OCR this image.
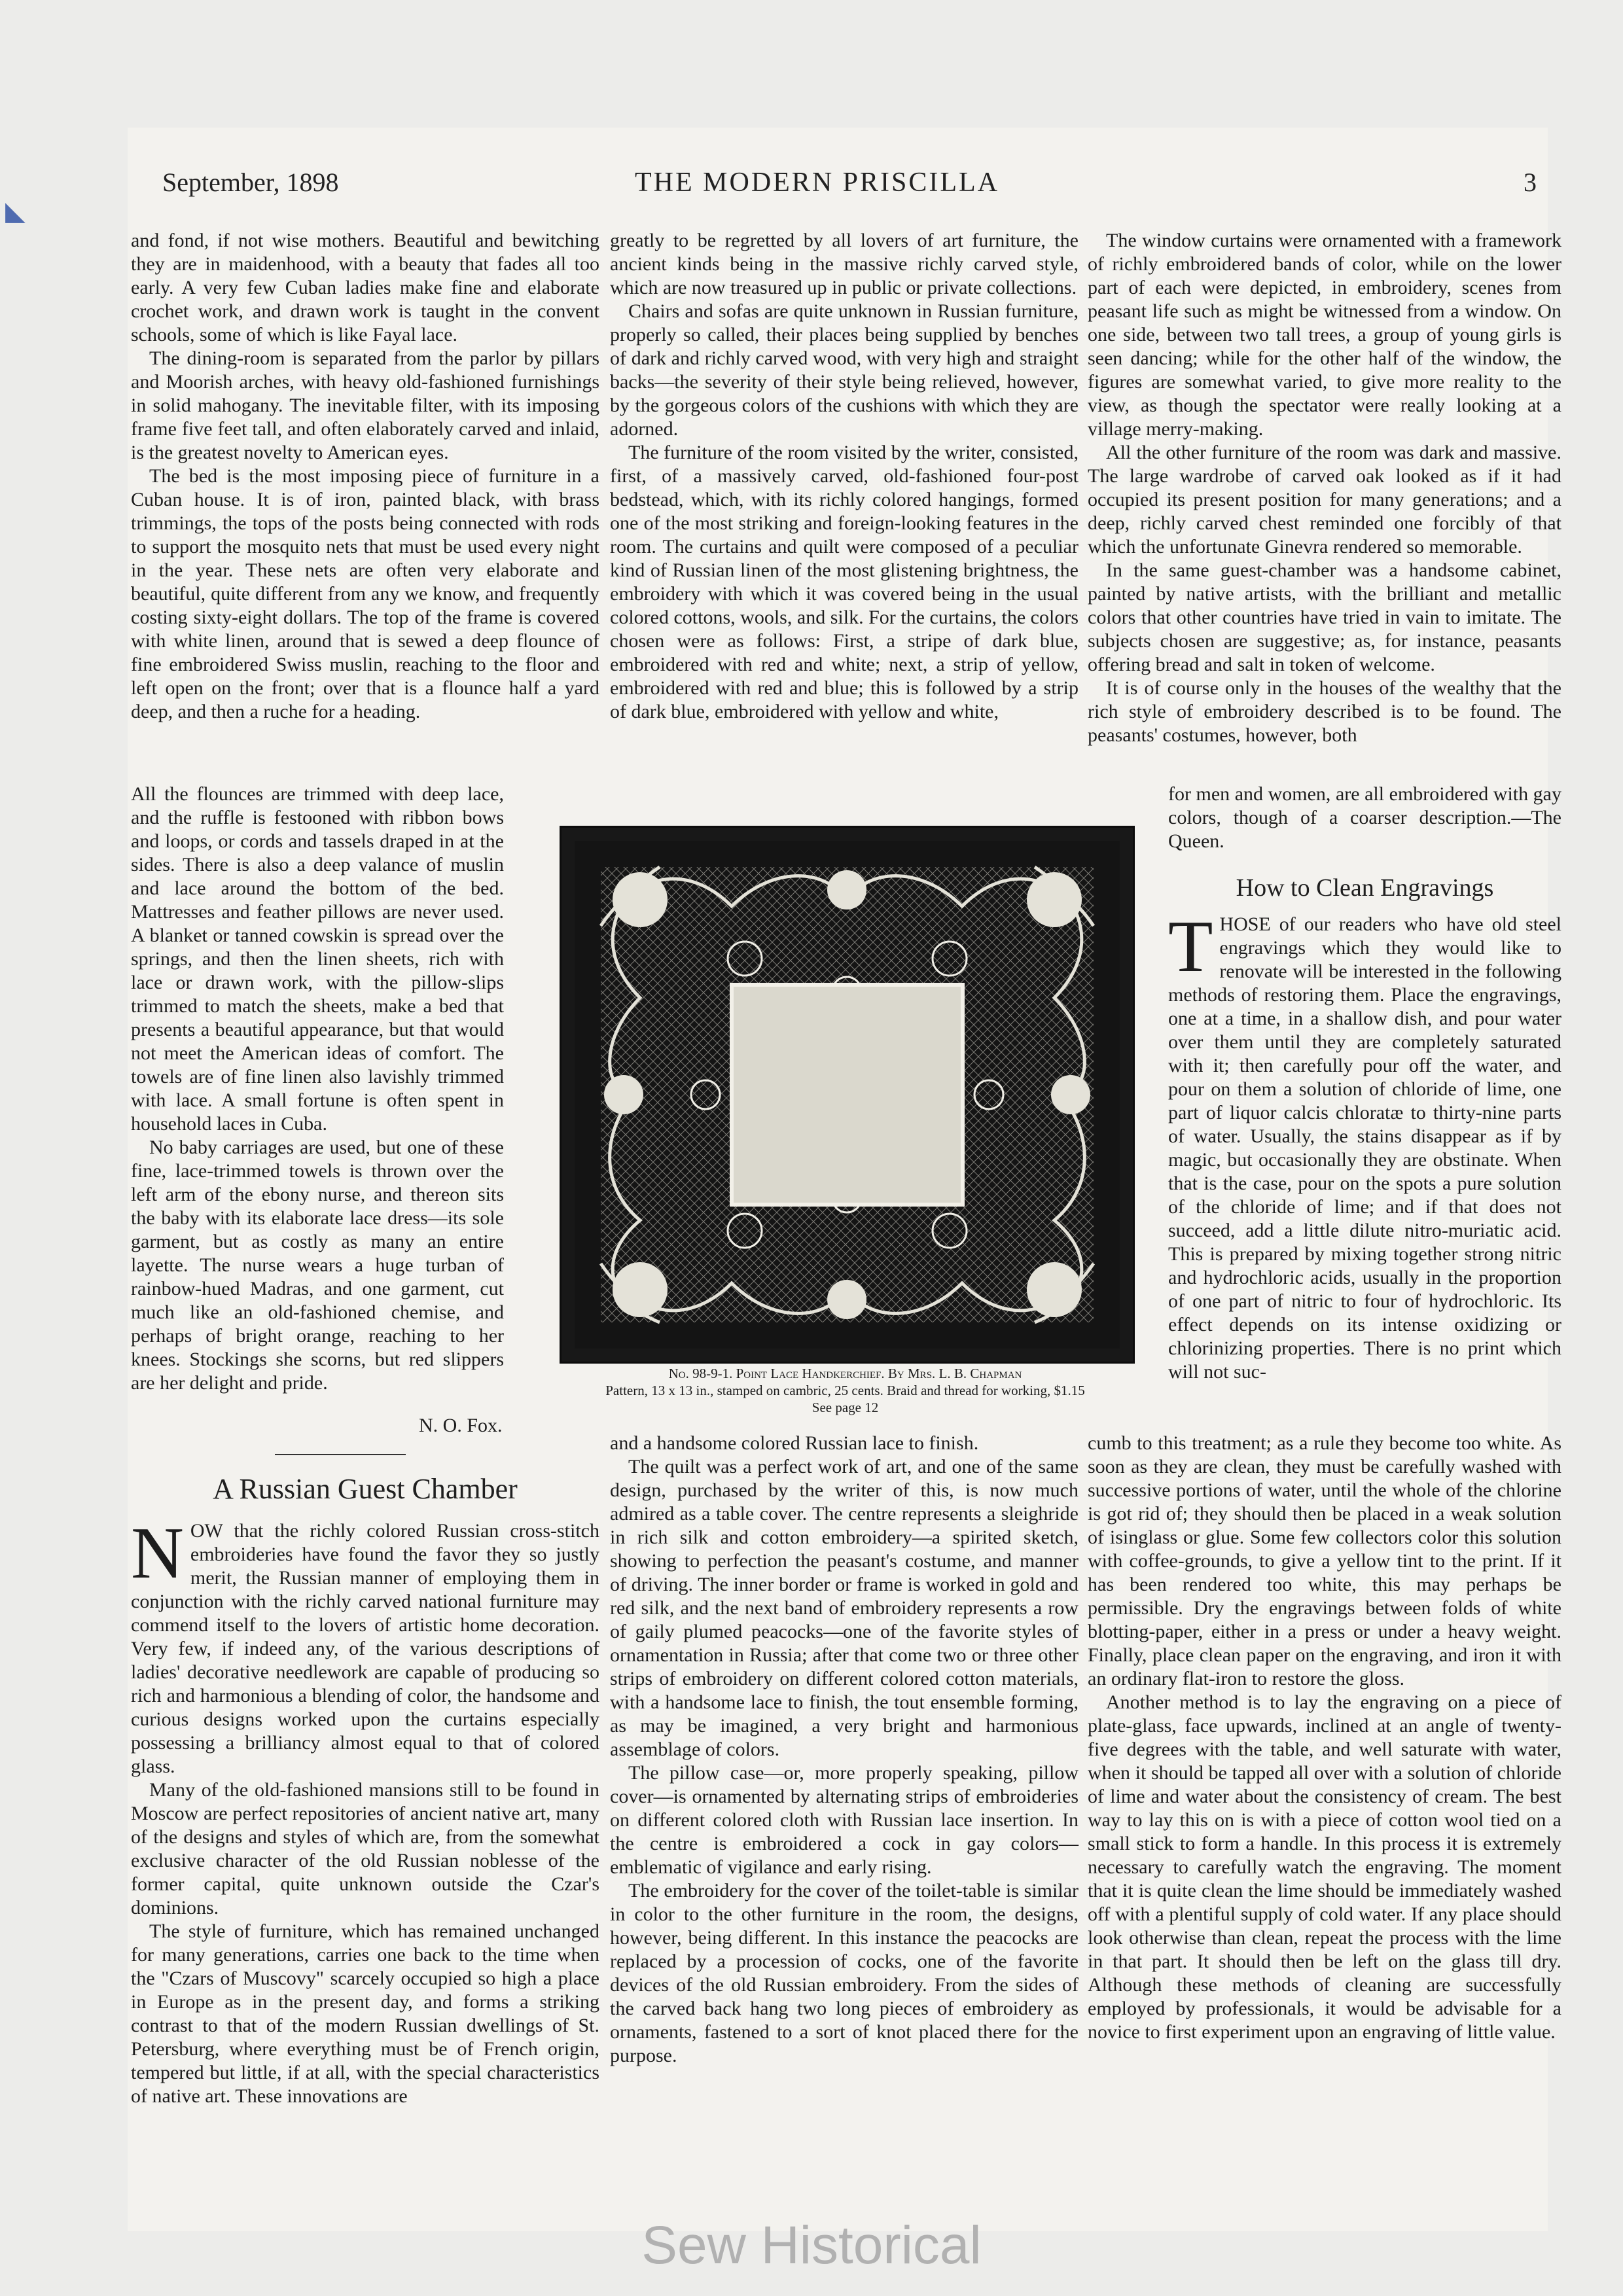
September, 1898	THE MODERN PRISCILLA	3

and fond, if not wise mothers. Beautiful and bewitching they are in maidenhood, with a beauty that fades all too early. A very few Cuban ladies make fine and elaborate crochet work, and drawn work is taught in the convent schools, some of which is like Fayal lace.

The dining-room is separated from the parlor by pillars and Moorish arches, with heavy old-fashioned furnishings in solid mahogany. The inevitable filter, with its imposing frame five feet tall, and often elaborately carved and inlaid, is the greatest novelty to American eyes.

The bed is the most imposing piece of furniture in a Cuban house. It is of iron, painted black, with brass trimmings, the tops of the posts being connected with rods to support the mosquito nets that must be used every night in the year. These nets are often very elaborate and beautiful, quite different from any we know, and frequently costing sixty-eight dollars. The top of the frame is covered with white linen, around that is sewed a deep flounce of fine embroidered Swiss muslin, reaching to the floor and left open on the front; over that is a flounce half a yard deep, and then a ruche for a heading.

All the flounces are trimmed with deep lace, and the ruffle is festooned with ribbon bows and loops, or cords and tassels draped in at the sides. There is also a deep valance of muslin and lace around the bottom of the bed. Mattresses and feather pillows are never used. A blanket or tanned cowskin is spread over the springs, and then the linen sheets, rich with lace or drawn work, with the pillow-slips trimmed to match the sheets, make a bed that presents a beautiful appearance, but that would not meet the American ideas of comfort. The towels are of fine linen also lavishly trimmed with lace. A small fortune is often spent in household laces in Cuba.

No baby carriages are used, but one of these fine, lace-trimmed towels is thrown over the left arm of the ebony nurse, and thereon sits the baby with its elaborate lace dress—its sole garment, but as costly as many an entire layette. The nurse wears a huge turban of rainbow-hued Madras, and one garment, cut much like an old-fashioned chemise, and perhaps of bright orange, reaching to her knees. Stockings she scorns, but red slippers are her delight and pride.

N. O. Fox.
A Russian Guest Chamber

NOW that the richly colored Russian cross-stitch embroideries have found the favor they so justly merit, the Russian manner of employing them in conjunction with the richly carved national furniture may commend itself to the lovers of artistic home decoration. Very few, if indeed any, of the various descriptions of ladies' decorative needlework are capable of producing so rich and harmonious a blending of color, the handsome and curious designs worked upon the curtains especially possessing a brilliancy almost equal to that of colored glass.

Many of the old-fashioned mansions still to be found in Moscow are perfect repositories of ancient native art, many of the designs and styles of which are, from the somewhat exclusive character of the old Russian noblesse of the former capital, quite unknown outside the Czar's dominions.

The style of furniture, which has remained unchanged for many generations, carries one back to the time when the "Czars of Muscovy" scarcely occupied so high a place in Europe as in the present day, and forms a striking contrast to that of the modern Russian dwellings of St. Petersburg, where everything must be of French origin, tempered but little, if at all, with the special characteristics of native art. These innovations are

greatly to be regretted by all lovers of art furniture, the ancient kinds being in the massive richly carved style, which are now treasured up in public or private collections.

Chairs and sofas are quite unknown in Russian furniture, properly so called, their places being supplied by benches of dark and richly carved wood, with very high and straight backs—the severity of their style being relieved, however, by the gorgeous colors of the cushions with which they are adorned.

The furniture of the room visited by the writer, consisted, first, of a massively carved, old-fashioned four-post bedstead, which, with its richly colored hangings, formed one of the most striking and foreign-looking features in the room. The curtains and quilt were composed of a peculiar kind of Russian linen of the most glistening brightness, the embroidery with which it was covered being in the usual colored cottons, wools, and silk. For the curtains, the colors chosen were as follows: First, a stripe of dark blue, embroidered with red and white; next, a strip of yellow, embroidered with red and blue; this is followed by a strip of dark blue, embroidered with yellow and white,

No. 98-9-1. Point Lace Handkerchief. By Mrs. L. B. Chapman
Pattern, 13 x 13 in., stamped on cambric, 25 cents. Braid and thread for working, $1.15
See page 12

and a handsome colored Russian lace to finish.

The quilt was a perfect work of art, and one of the same design, purchased by the writer of this, is now much admired as a table cover. The centre represents a sleighride in rich silk and cotton embroidery—a spirited sketch, showing to perfection the peasant's costume, and manner of driving. The inner border or frame is worked in gold and red silk, and the next band of embroidery represents a row of gaily plumed peacocks—one of the favorite styles of ornamentation in Russia; after that come two or three other strips of embroidery on different colored cotton materials, with a handsome lace to finish, the tout ensemble forming, as may be imagined, a very bright and harmonious assemblage of colors.

The pillow case—or, more properly speaking, pillow cover—is ornamented by alternating strips of embroideries on different colored cloth with Russian lace insertion. In the centre is embroidered a cock in gay colors—emblematic of vigilance and early rising.

The embroidery for the cover of the toilet-table is similar in color to the other furniture in the room, the designs, however, being different. In this instance the peacocks are replaced by a procession of cocks, one of the favorite devices of the old Russian embroidery. From the sides of the carved back hang two long pieces of embroidery as ornaments, fastened to a sort of knot placed there for the purpose.

The window curtains were ornamented with a framework of richly embroidered bands of color, while on the lower part of each were depicted, in embroidery, scenes from peasant life such as might be witnessed from a window. On one side, between two tall trees, a group of young girls is seen dancing; while for the other half of the window, the figures are somewhat varied, to give more reality to the view, as though the spectator were really looking at a village merry-making.

All the other furniture of the room was dark and massive. The large wardrobe of carved oak looked as if it had occupied its present position for many generations; and a deep, richly carved chest reminded one forcibly of that which the unfortunate Ginevra rendered so memorable.

In the same guest-chamber was a handsome cabinet, painted by native artists, with the brilliant and metallic colors that other countries have tried in vain to imitate. The subjects chosen are suggestive; as, for instance, peasants offering bread and salt in token of welcome.

It is of course only in the houses of the wealthy that the rich style of embroidery described is to be found. The peasants' costumes, however, both

for men and women, are all embroidered with gay colors, though of a coarser description.—The Queen.

How to Clean Engravings

THOSE of our readers who have old steel engravings which they would like to renovate will be interested in the following methods of restoring them. Place the engravings, one at a time, in a shallow dish, and pour water over them until they are completely saturated with it; then carefully pour off the water, and pour on them a solution of chloride of lime, one part of liquor calcis chloratæ to thirty-nine parts of water. Usually, the stains disappear as if by magic, but occasionally they are obstinate. When that is the case, pour on the spots a pure solution of the chloride of lime; and if that does not succeed, add a little dilute nitro-muriatic acid. This is prepared by mixing together strong nitric and hydrochloric acids, usually in the proportion of one part of nitric to four of hydrochloric. Its effect depends on its intense oxidizing or chlorinizing properties. There is no print which will not suc-

cumb to this treatment; as a rule they become too white. As soon as they are clean, they must be carefully washed with successive portions of water, until the whole of the chlorine is got rid of; they should then be placed in a weak solution of isinglass or glue. Some few collectors color this solution with coffee-grounds, to give a yellow tint to the print. If it has been rendered too white, this may perhaps be permissible. Dry the engravings between folds of white blotting-paper, either in a press or under a heavy weight. Finally, place clean paper on the engraving, and iron it with an ordinary flat-iron to restore the gloss.

Another method is to lay the engraving on a piece of plate-glass, face upwards, inclined at an angle of twenty-five degrees with the table, and well saturate with water, when it should be tapped all over with a solution of chloride of lime and water about the consistency of cream. The best way to lay this on is with a piece of cotton wool tied on a small stick to form a handle. In this process it is extremely necessary to carefully watch the engraving. The moment that it is quite clean the lime should be immediately washed off with a plentiful supply of cold water. If any place should look otherwise than clean, repeat the process with the lime in that part. It should then be left on the glass till dry. Although these methods of cleaning are successfully employed by professionals, it would be advisable for a novice to first experiment upon an engraving of little value.

◣
Sew Historical
